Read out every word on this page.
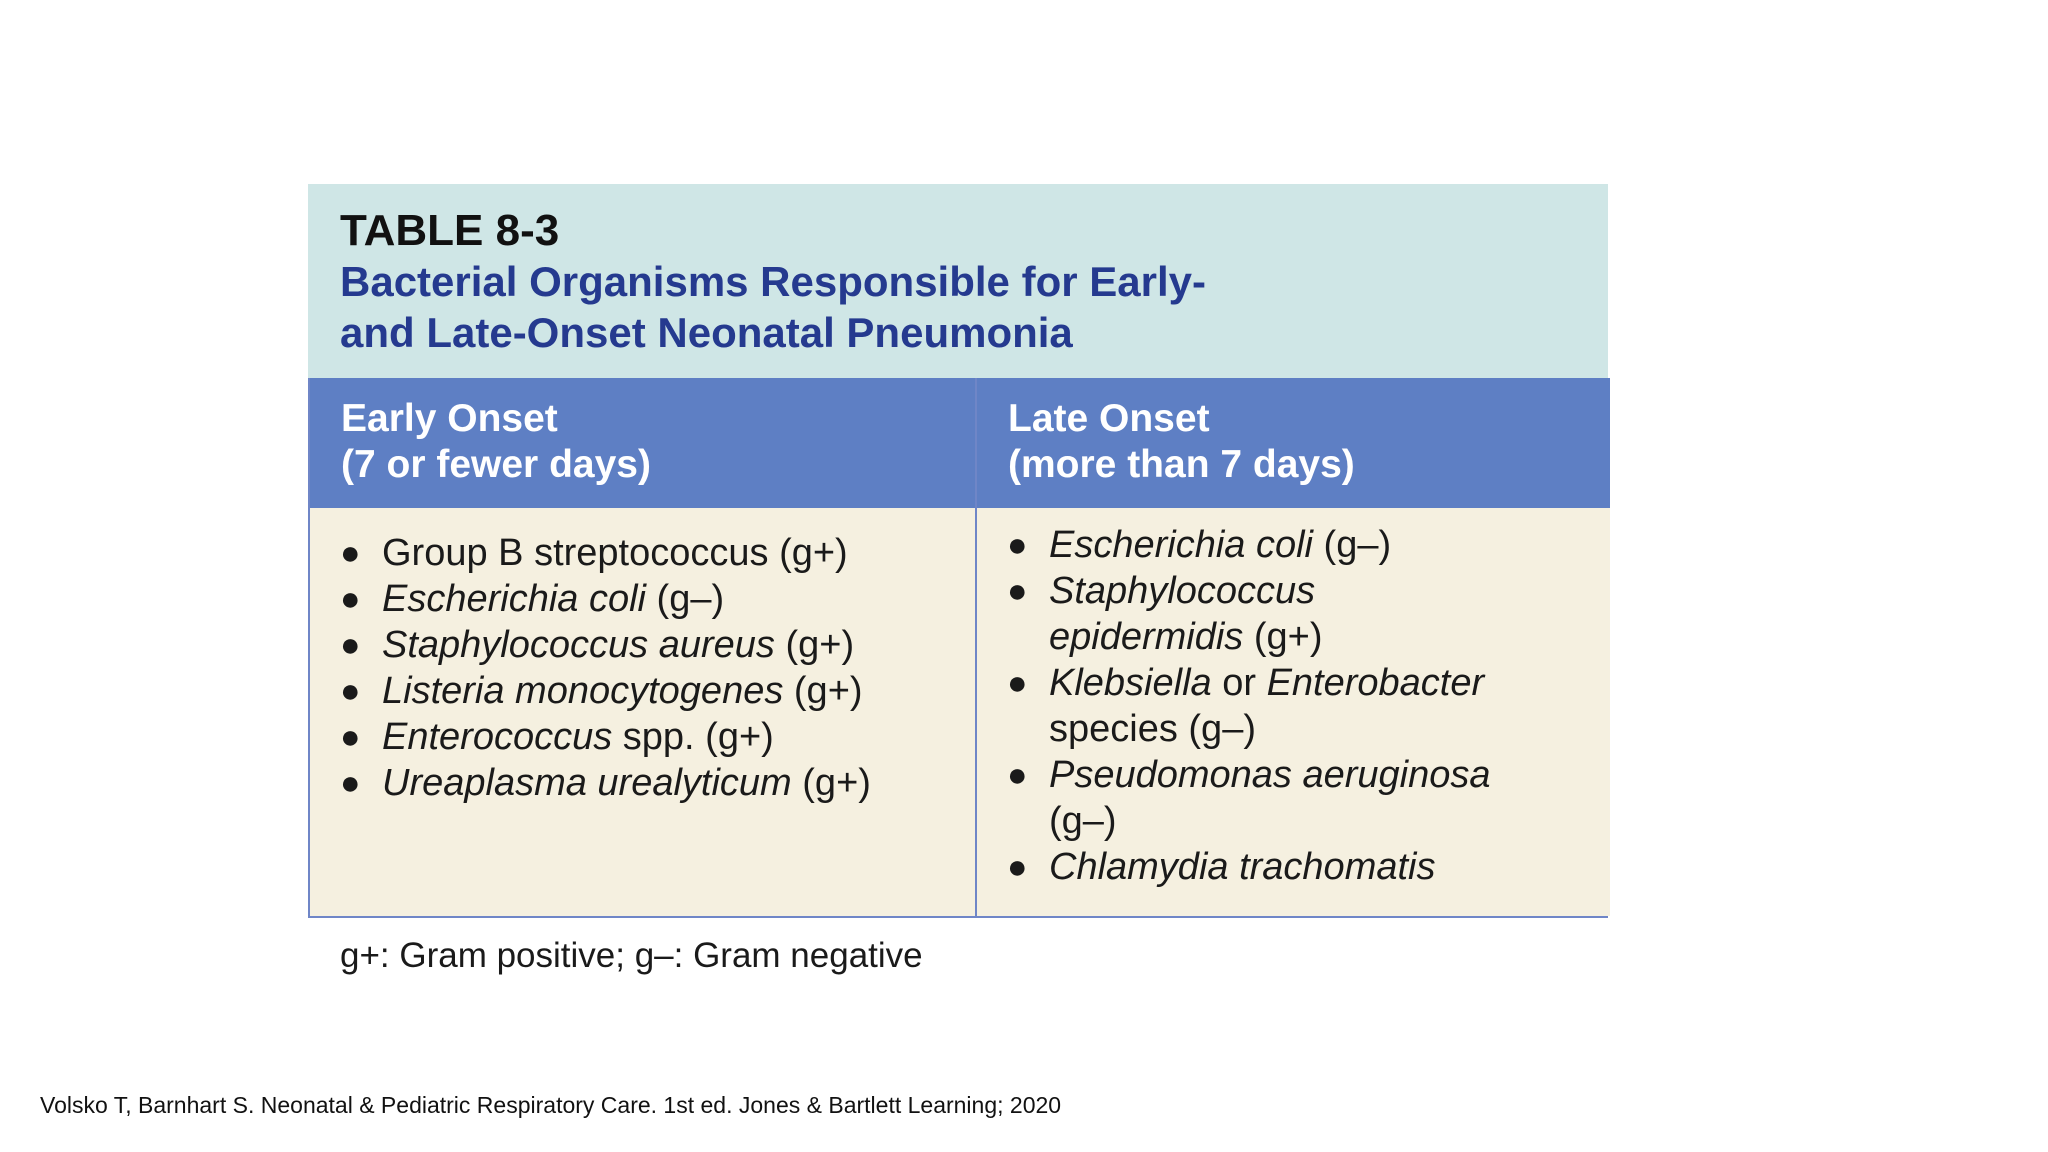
TABLE 8-3
Bacterial Organisms Responsible for Early-
and Late-Onset Neonatal Pneumonia
Early Onset
(7 or fewer days)
Late Onset
(more than 7 days)
● Group B streptococcus (g+)
● Escherichia coli (g–)
● Staphylococcus aureus (g+)
● Listeria monocytogenes (g+)
● Enterococcus spp. (g+)
● Ureaplasma urealyticum (g+)
● Escherichia coli (g–)
● Staphylococcus
epidermidis (g+)
● Klebsiella or Enterobacter
species (g–)
● Pseudomonas aeruginosa
(g–)
● Chlamydia trachomatis
g+: Gram positive; g–: Gram negative
Volsko T, Barnhart S. Neonatal & Pediatric Respiratory Care. 1st ed. Jones & Bartlett Learning; 2020
